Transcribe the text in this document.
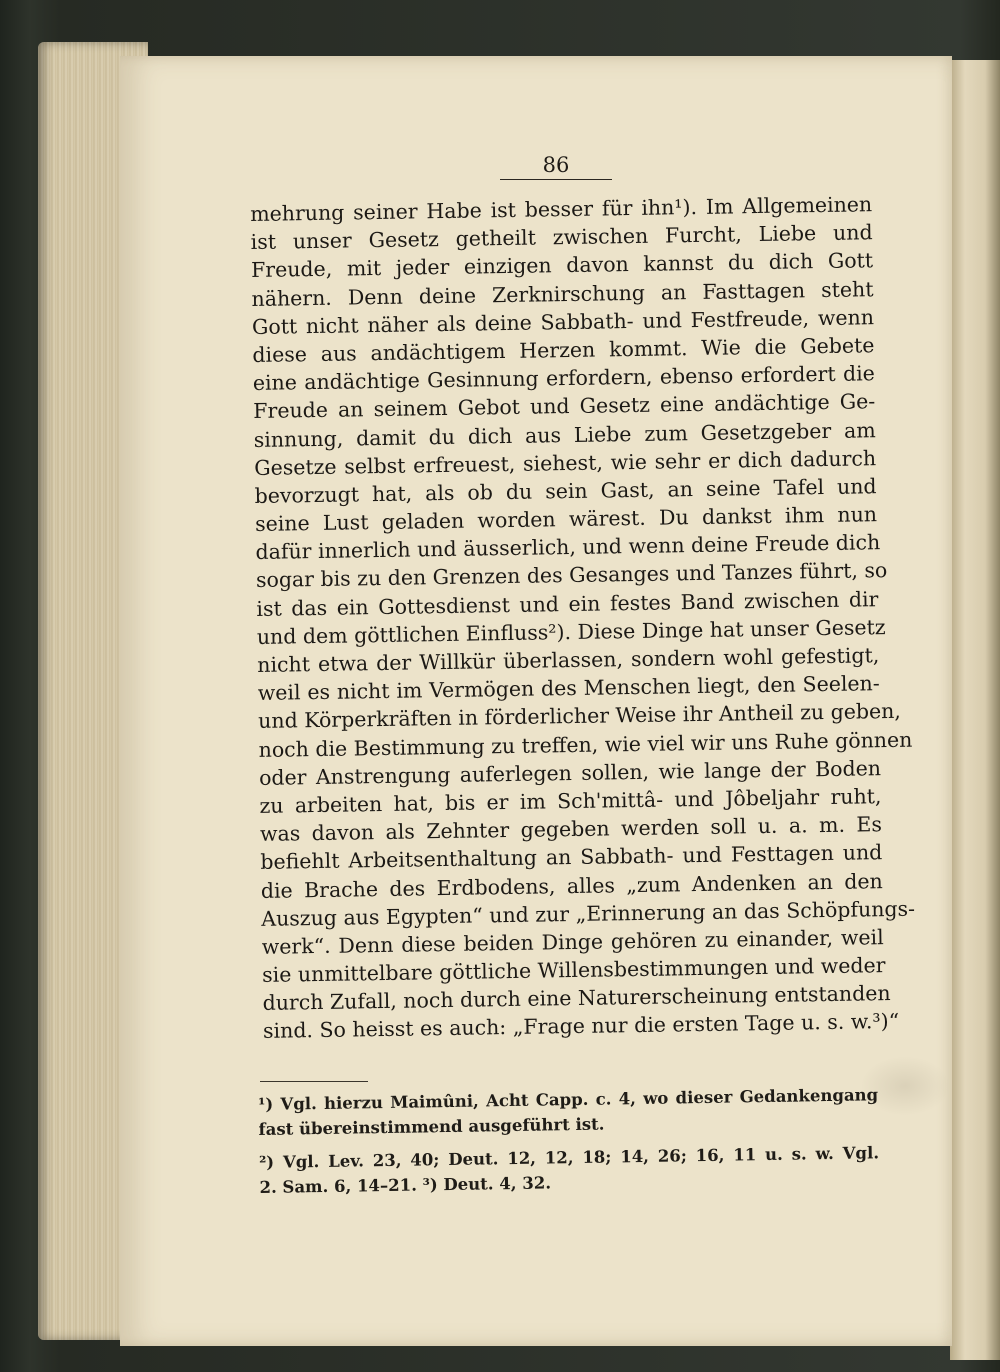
86
mehrung seiner Habe ist besser für ihn¹). Im Allgemeinen
ist unser Gesetz getheilt zwischen Furcht, Liebe und
Freude, mit jeder einzigen davon kannst du dich Gott
nähern. Denn deine Zerknirschung an Fasttagen steht
Gott nicht näher als deine Sabbath- und Festfreude, wenn
diese aus andächtigem Herzen kommt. Wie die Gebete
eine andächtige Gesinnung erfordern, ebenso erfordert die
Freude an seinem Gebot und Gesetz eine andächtige Ge-
sinnung, damit du dich aus Liebe zum Gesetzgeber am
Gesetze selbst erfreuest, siehest, wie sehr er dich dadurch
bevorzugt hat, als ob du sein Gast, an seine Tafel und
seine Lust geladen worden wärest. Du dankst ihm nun
dafür innerlich und äusserlich, und wenn deine Freude dich
sogar bis zu den Grenzen des Gesanges und Tanzes führt, so
ist das ein Gottesdienst und ein festes Band zwischen dir
und dem göttlichen Einfluss²). Diese Dinge hat unser Gesetz
nicht etwa der Willkür überlassen, sondern wohl gefestigt,
weil es nicht im Vermögen des Menschen liegt, den Seelen-
und Körperkräften in förderlicher Weise ihr Antheil zu geben,
noch die Bestimmung zu treffen, wie viel wir uns Ruhe gönnen
oder Anstrengung auferlegen sollen, wie lange der Boden
zu arbeiten hat, bis er im Sch'mittâ- und Jôbeljahr ruht,
was davon als Zehnter gegeben werden soll u. a. m. Es
befiehlt Arbeitsenthaltung an Sabbath- und Festtagen und
die Brache des Erdbodens, alles „zum Andenken an den
Auszug aus Egypten“ und zur „Erinnerung an das Schöpfungs-
werk“. Denn diese beiden Dinge gehören zu einander, weil
sie unmittelbare göttliche Willensbestimmungen und weder
durch Zufall, noch durch eine Naturerscheinung entstanden
sind. So heisst es auch: „Frage nur die ersten Tage u. s. w.³)“
¹) Vgl. hierzu Maimûni, Acht Capp. c. 4, wo dieser Gedankengang
fast übereinstimmend ausgeführt ist.
²) Vgl. Lev. 23, 40; Deut. 12, 12, 18; 14, 26; 16, 11 u. s. w. Vgl.
2. Sam. 6, 14–21. ³) Deut. 4, 32.
